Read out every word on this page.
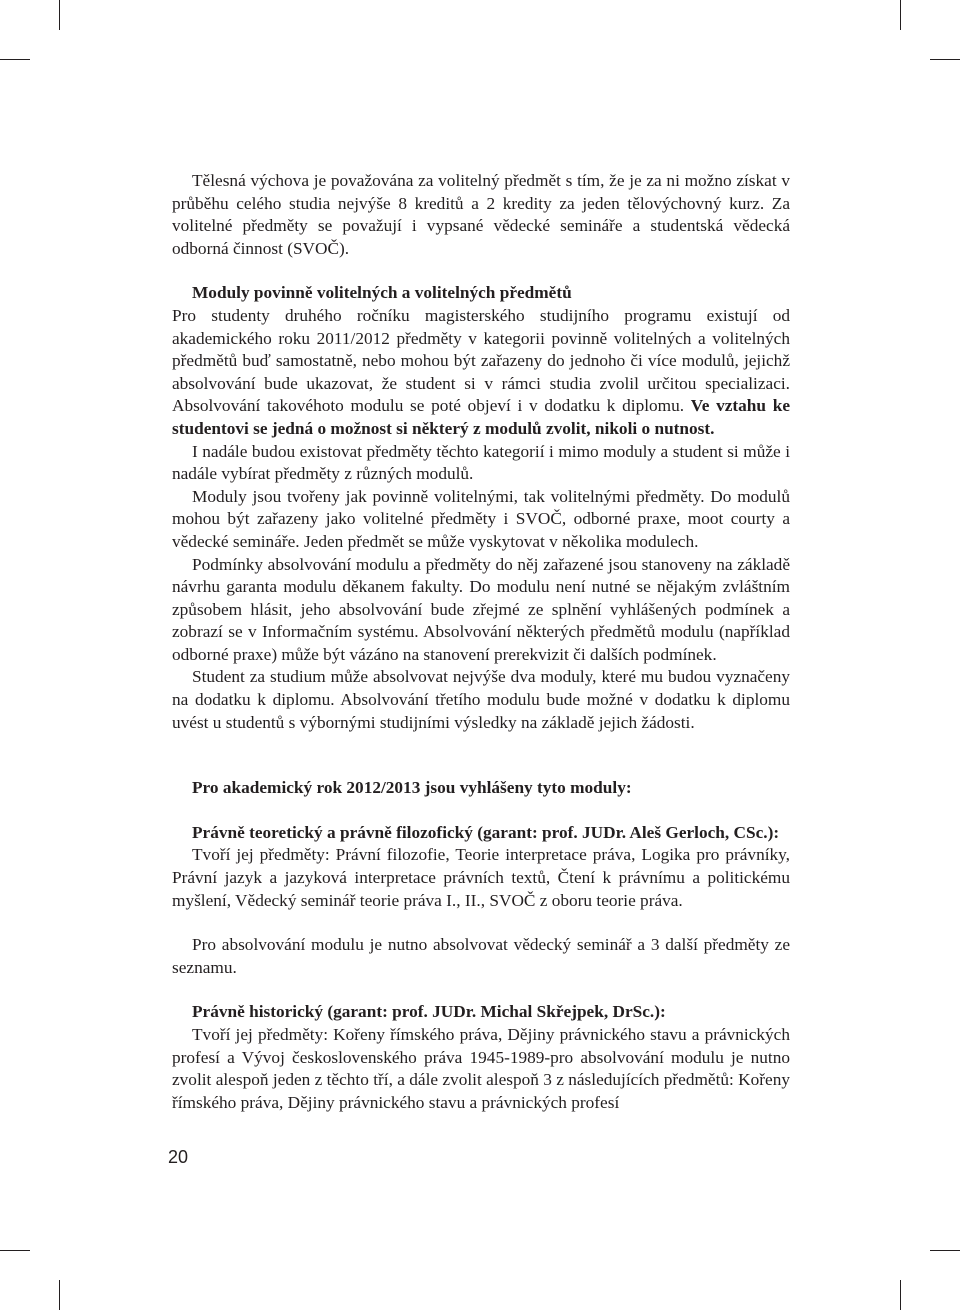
Tělesná výchova je považována za volitelný předmět s tím, že je za ni možno získat v průběhu celého studia nejvýše 8 kreditů a 2 kredity za jeden tělovýchovný kurz. Za volitelné předměty se považují i vypsané vědecké semináře a studentská vědecká odborná činnost (SVOČ).

Moduly povinně volitelných a volitelných předmětů

Pro studenty druhého ročníku magisterského studijního programu existují od akademického roku 2011/2012 předměty v kategorii povinně volitelných a volitelných předmětů buď samostatně, nebo mohou být zařazeny do jednoho či více modulů, jejichž absolvování bude ukazovat, že student si v rámci studia zvolil určitou specializaci. Absolvování takovéhoto modulu se poté objeví i v dodatku k diplomu. Ve vztahu ke studentovi se jedná o možnost si některý z modulů zvolit, nikoli o nutnost.

I nadále budou existovat předměty těchto kategorií i mimo moduly a student si může i nadále vybírat předměty z různých modulů.

Moduly jsou tvořeny jak povinně volitelnými, tak volitelnými předměty. Do modulů mohou být zařazeny jako volitelné předměty i SVOČ, odborné praxe, moot courty a vědecké semináře. Jeden předmět se může vyskytovat v několika modulech.

Podmínky absolvování modulu a předměty do něj zařazené jsou stanoveny na základě návrhu garanta modulu děkanem fakulty. Do modulu není nutné se nějakým zvláštním způsobem hlásit, jeho absolvování bude zřejmé ze splnění vyhlášených podmínek a zobrazí se v Informačním systému. Absolvování některých předmětů modulu (například odborné praxe) může být vázáno na stanovení prerekvizit či dalších podmínek.

Student za studium může absolvovat nejvýše dva moduly, které mu budou vyznačeny na dodatku k diplomu. Absolvování třetího modulu bude možné v dodatku k diplomu uvést u studentů s výbornými studijními výsledky na základě jejich žádosti.

Pro akademický rok 2012/2013 jsou vyhlášeny tyto moduly:

Právně teoretický a právně filozofický (garant: prof. JUDr. Aleš Gerloch, CSc.):

Tvoří jej předměty: Právní filozofie, Teorie interpretace práva, Logika pro právníky, Právní jazyk a jazyková interpretace právních textů, Čtení k právnímu a politickému myšlení, Vědecký seminář teorie práva I., II., SVOČ z oboru teorie práva.

Pro absolvování modulu je nutno absolvovat vědecký seminář a 3 další předměty ze seznamu.

Právně historický (garant: prof. JUDr. Michal Skřejpek, DrSc.):

Tvoří jej předměty: Kořeny římského práva, Dějiny právnického stavu a právnických profesí a Vývoj československého práva 1945-1989-pro absolvování modulu je nutno zvolit alespoň jeden z těchto tří, a dále zvolit alespoň 3 z následujících předmětů: Kořeny římského práva, Dějiny právnického stavu a právnických profesí

20
